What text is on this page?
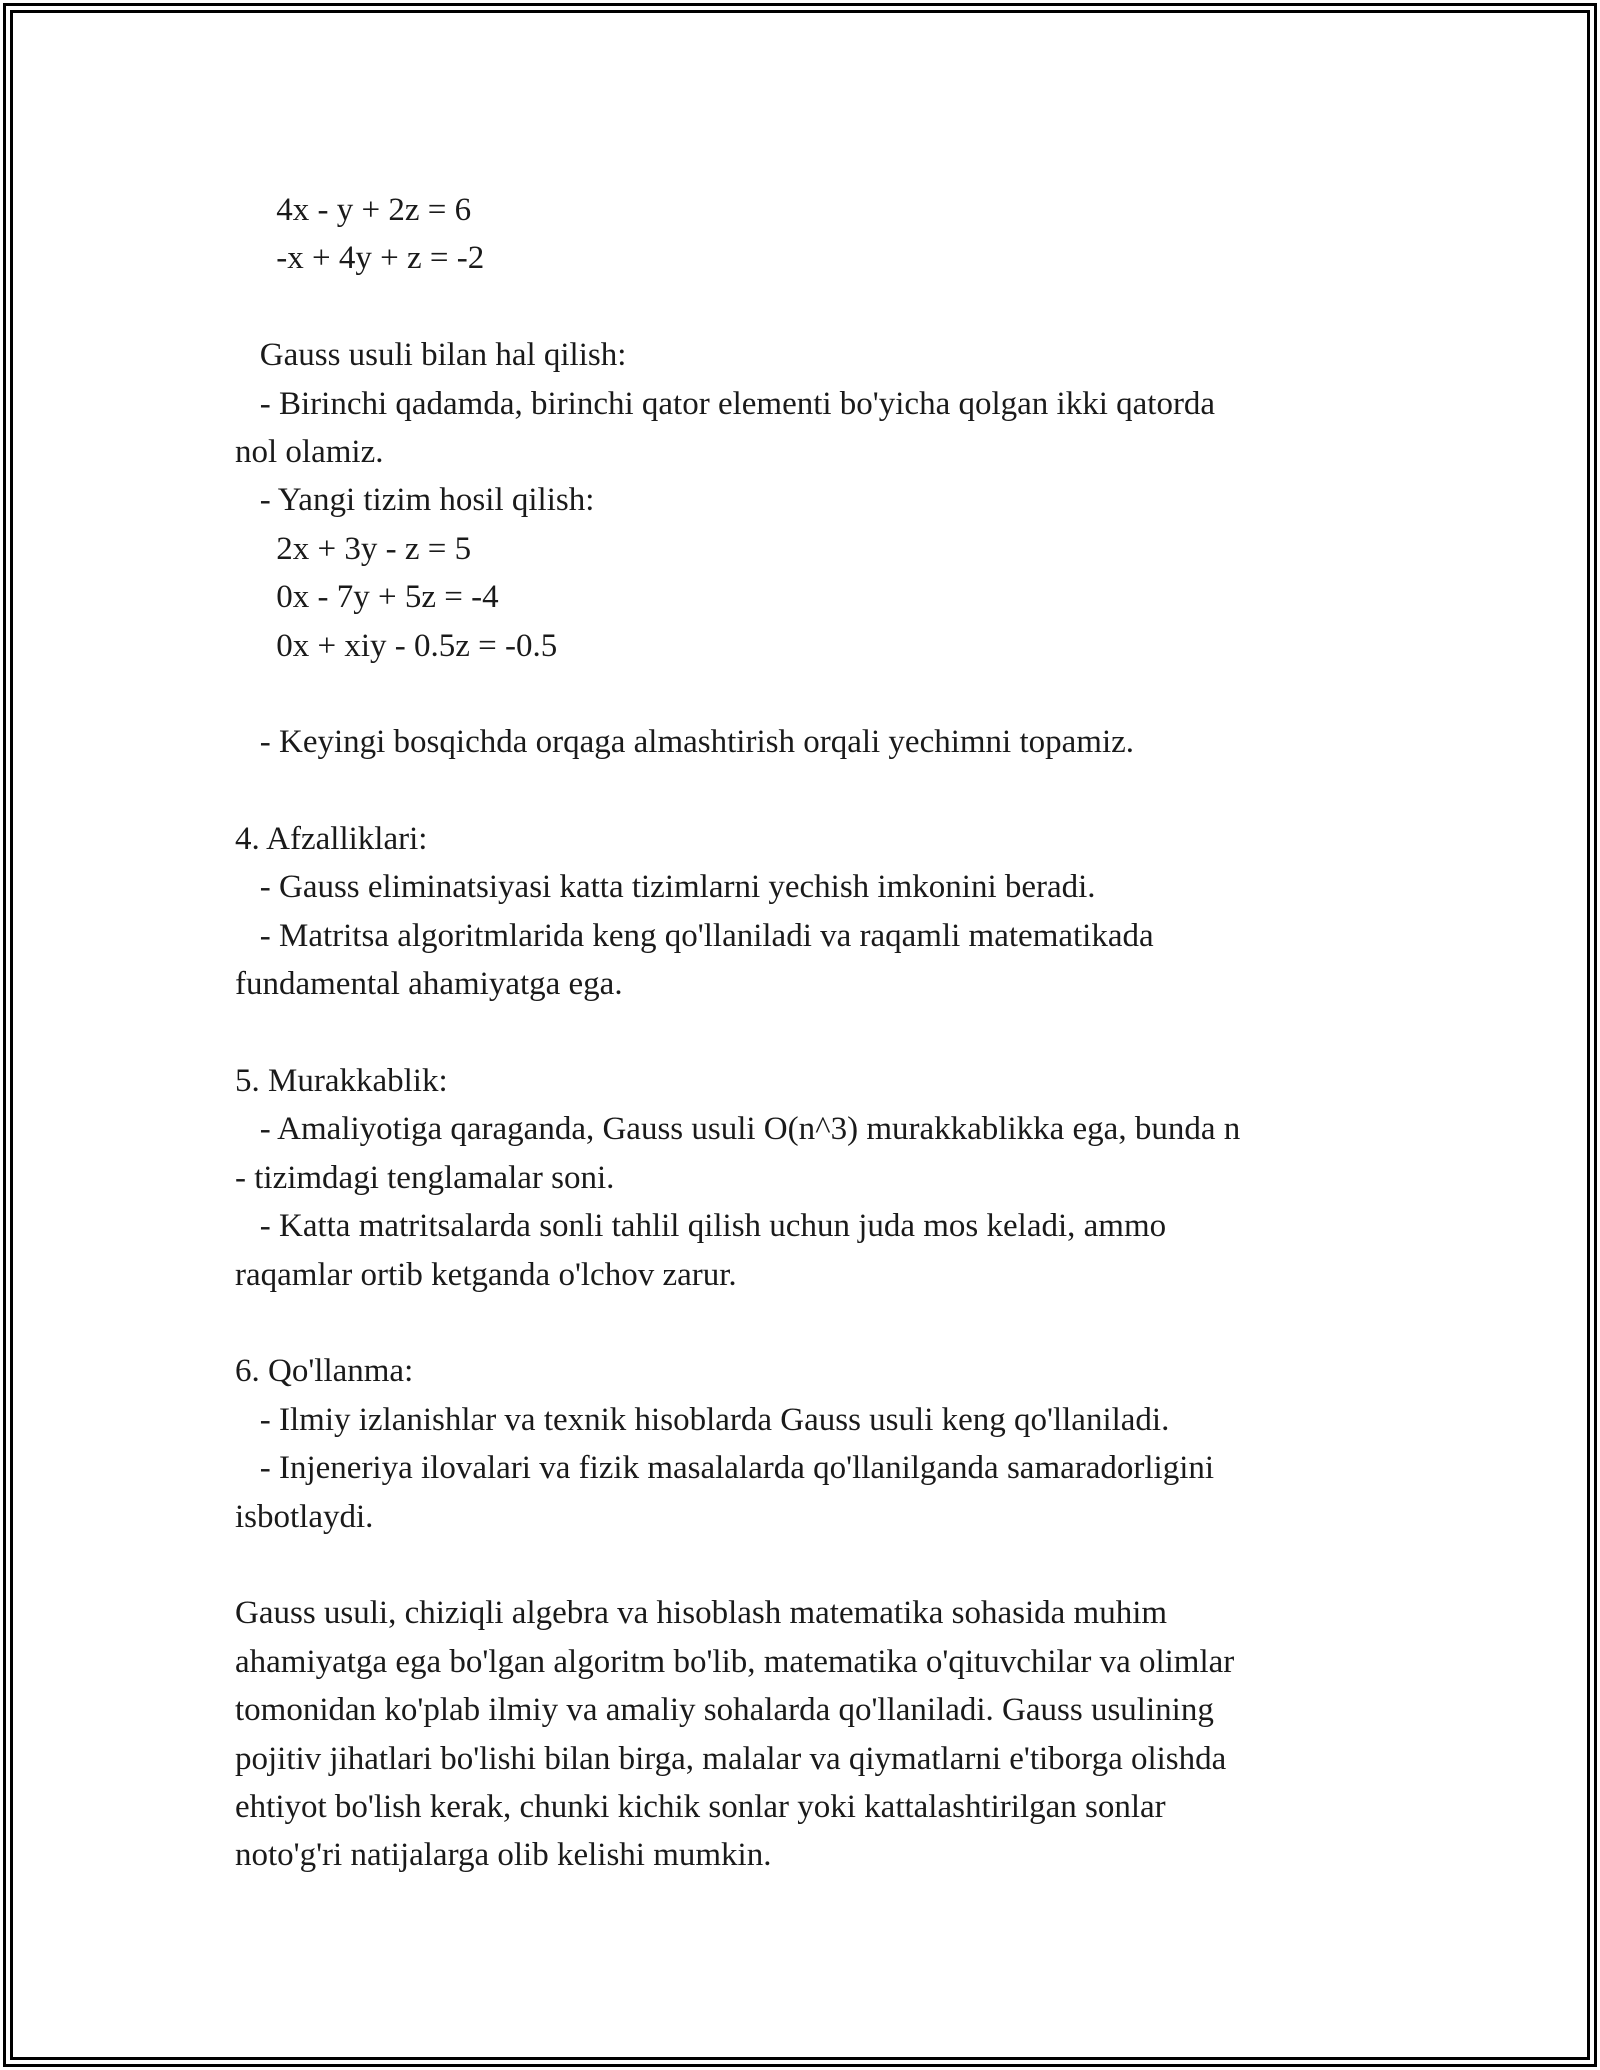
4x - y + 2z = 6
-x + 4y + z = -2
Gauss usuli bilan hal qilish:
- Birinchi qadamda, birinchi qator elementi bo'yicha qolgan ikki qatorda
nol olamiz.
- Yangi tizim hosil qilish:
2x + 3y - z = 5
0x - 7y + 5z = -4
0x + xiy - 0.5z = -0.5
- Keyingi bosqichda orqaga almashtirish orqali yechimni topamiz.
4. Afzalliklari:
- Gauss eliminatsiyasi katta tizimlarni yechish imkonini beradi.
- Matritsa algoritmlarida keng qo'llaniladi va raqamli matematikada
fundamental ahamiyatga ega.
5. Murakkablik:
- Amaliyotiga qaraganda, Gauss usuli O(n^3) murakkablikka ega, bunda n
- tizimdagi tenglamalar soni.
- Katta matritsalarda sonli tahlil qilish uchun juda mos keladi, ammo
raqamlar ortib ketganda o'lchov zarur.
6. Qo'llanma:
- Ilmiy izlanishlar va texnik hisoblarda Gauss usuli keng qo'llaniladi.
- Injeneriya ilovalari va fizik masalalarda qo'llanilganda samaradorligini
isbotlaydi.
Gauss usuli, chiziqli algebra va hisoblash matematika sohasida muhim
ahamiyatga ega bo'lgan algoritm bo'lib, matematika o'qituvchilar va olimlar
tomonidan ko'plab ilmiy va amaliy sohalarda qo'llaniladi. Gauss usulining
pojitiv jihatlari bo'lishi bilan birga, malalar va qiymatlarni e'tiborga olishda
ehtiyot bo'lish kerak, chunki kichik sonlar yoki kattalashtirilgan sonlar
noto'g'ri natijalarga olib kelishi mumkin.
